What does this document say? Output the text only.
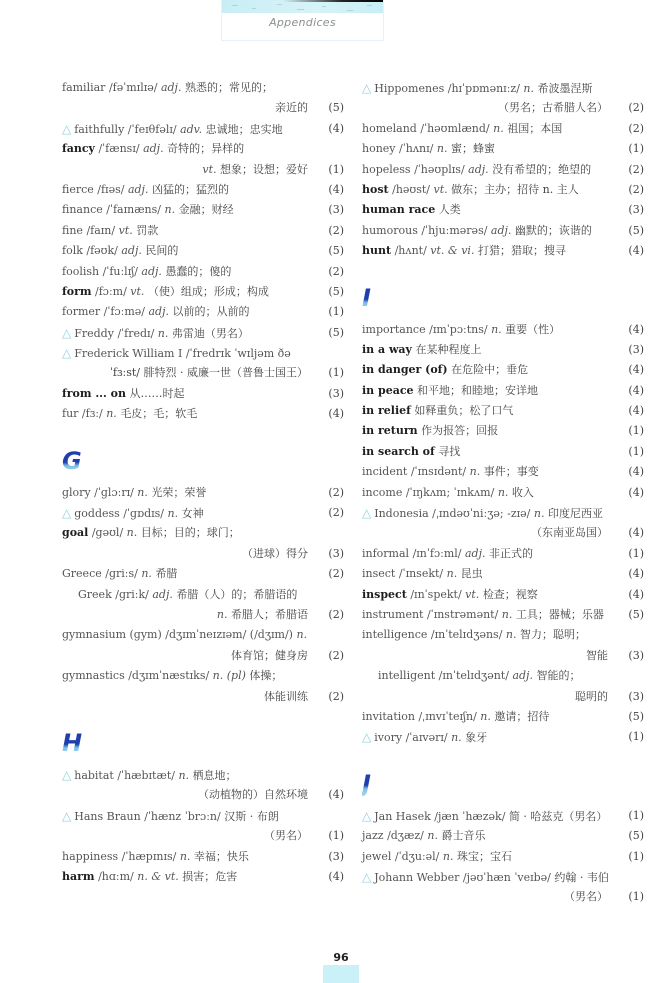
Appendices
familiar /fəˈmɪlɪə/ adj. 熟悉的；常见的；
亲近的 (5)
△ faithfully /ˈfeɪθfəlɪ/ adv. 忠诚地；忠实地	(4)
fancy /ˈfænsɪ/ adj. 奇特的；异样的
vt. 想象；设想；爱好 (1)
fierce /fɪəs/ adj. 凶猛的；猛烈的	(4)
finance /ˈfaɪnæns/ n. 金融；财经	(3)
fine /faɪn/ vt. 罚款	(2)
folk /fəʊk/ adj. 民间的	(5)
foolish /ˈfuːlɪʃ/ adj. 愚蠢的；傻的	(2)
form /fɔːm/ vt. （使）组成；形成；构成	(5)
former /ˈfɔːmə/ adj. 以前的；从前的	(1)
△ Freddy /ˈfredɪ/ n. 弗雷迪（男名）	(5)
△ Frederick William Ⅰ /ˈfredrɪk ˈwɪljəm ðə
ˈfɜːst/ 腓特烈 · 威廉一世（普鲁士国王） (1)
from ... on 从……时起	(3)
fur /fɜː/ n. 毛皮；毛；软毛	(4)
G
glory /ˈglɔːrɪ/ n. 光荣；荣誉	(2)
△ goddess /ˈgɒdɪs/ n. 女神	(2)
goal /gəʊl/ n. 目标；目的；球门；
（进球）得分 (3)
Greece /griːs/ n. 希腊	(2)
Greek /griːk/ adj. 希腊（人）的；希腊语的
n. 希腊人；希腊语 (2)
gymnasium (gym) /dʒɪmˈneɪzɪəm/ (/dʒɪm/) n.
体育馆；健身房 (2)
gymnastics /dʒɪmˈnæstɪks/ n. (pl) 体操；
体能训练 (2)
H
△ habitat /ˈhæbɪtæt/ n. 栖息地；
（动植物的）自然环境 (4)
△ Hans Braun /ˈhænz ˈbrɔːn/ 汉斯 · 布朗
（男名） (1)
happiness /ˈhæpɪnɪs/ n. 幸福；快乐	(3)
harm /hɑːm/ n. & vt. 损害；危害	(4)
△ Hippomenes /hɪˈpɒmənɪːz/ n. 希波墨涅斯
（男名；古希腊人名） (2)
homeland /ˈhəʊmlænd/ n. 祖国；本国	(2)
honey /ˈhʌnɪ/ n. 蜜；蜂蜜	(1)
hopeless /ˈhəʊplɪs/ adj. 没有希望的；绝望的	(2)
host /həʊst/ vt. 做东；主办；招待 n. 主人	(2)
human race 人类	(3)
humorous /ˈhjuːmərəs/ adj. 幽默的；诙谐的	(5)
hunt /hʌnt/ vt. & vi. 打猎；猎取；搜寻	(4)
I
importance /ɪmˈpɔːtns/ n. 重要（性）	(4)
in a way 在某种程度上	(3)
in danger (of) 在危险中；垂危	(4)
in peace 和平地；和睦地；安详地	(4)
in relief 如释重负；松了口气	(4)
in return 作为报答；回报	(1)
in search of 寻找	(1)
incident /ˈɪnsɪdənt/ n. 事件；事变	(4)
income /ˈɪŋkʌm; ˈɪnkʌm/ n. 收入	(4)
△ Indonesia /ˌɪndəʊˈniːʒə; -zɪə/ n. 印度尼西亚
（东南亚岛国） (4)
informal /ɪnˈfɔːml/ adj. 非正式的	(1)
insect /ˈɪnsekt/ n. 昆虫	(4)
inspect /ɪnˈspekt/ vt. 检查；视察	(4)
instrument /ˈɪnstrəmənt/ n. 工具；器械；乐器 (5)
intelligence /ɪnˈtelɪdʒəns/ n. 智力；聪明；
智能 (3)
intelligent /ɪnˈtelɪdʒənt/ adj. 智能的；
聪明的 (3)
invitation /ˌɪnvɪˈteɪʃn/ n. 邀请；招待	(5)
△ ivory /ˈaɪvərɪ/ n. 象牙	(1)
J
△ Jan Hasek /jæn ˈhæzək/ 简 · 哈兹克（男名） (1)
jazz /dʒæz/ n. 爵士音乐	(5)
jewel /ˈdʒuːəl/ n. 珠宝；宝石	(1)
△ Johann Webber /jəʊˈhæn ˈveɪbə/ 约翰 · 韦伯
（男名） (1)
96
